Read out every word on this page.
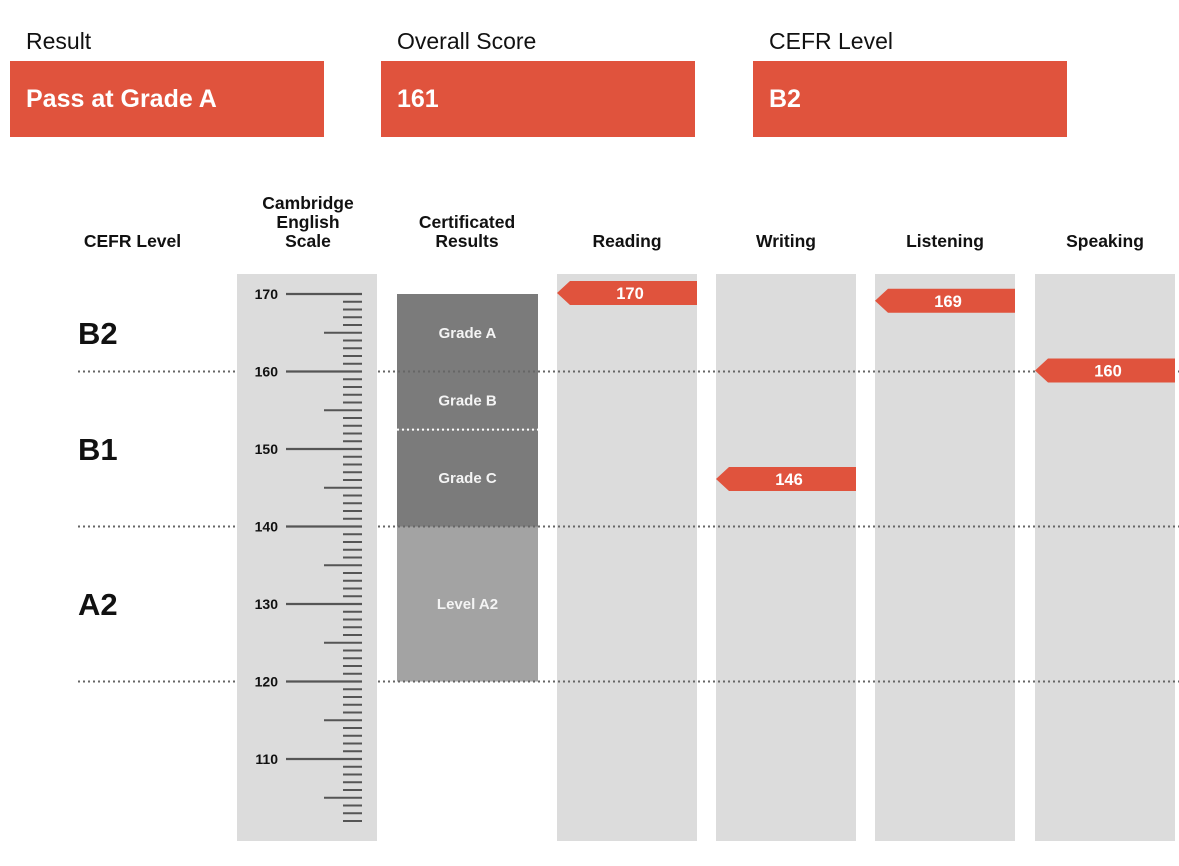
Result
Pass at Grade A
Overall Score
161
CEFR Level
B2
CEFR Level
Cambridge
English
Scale
Certificated
Results	Reading	Writing	Listening	Speaking
Grade A
Grade B
Grade C
Level A2
170
160
150
140
130
120
110
B2
B1
A2
170
146
169
160
